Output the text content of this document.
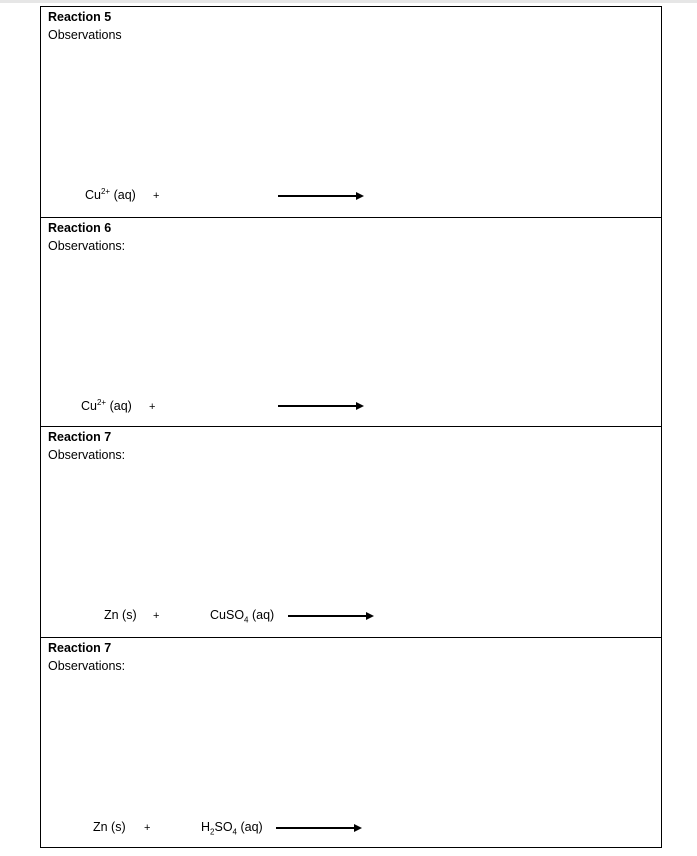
Reaction 5
Observations
$Cu^{2+}$ (aq) +
Reaction 6
Observations:
$Cu^{2+}$ (aq) +
Reaction 7
Observations:
Zn (s) +	CuSO$_4$ (aq)
Reaction 7
Observations:
Zn (s) +	$H_2SO_4$ (aq)
